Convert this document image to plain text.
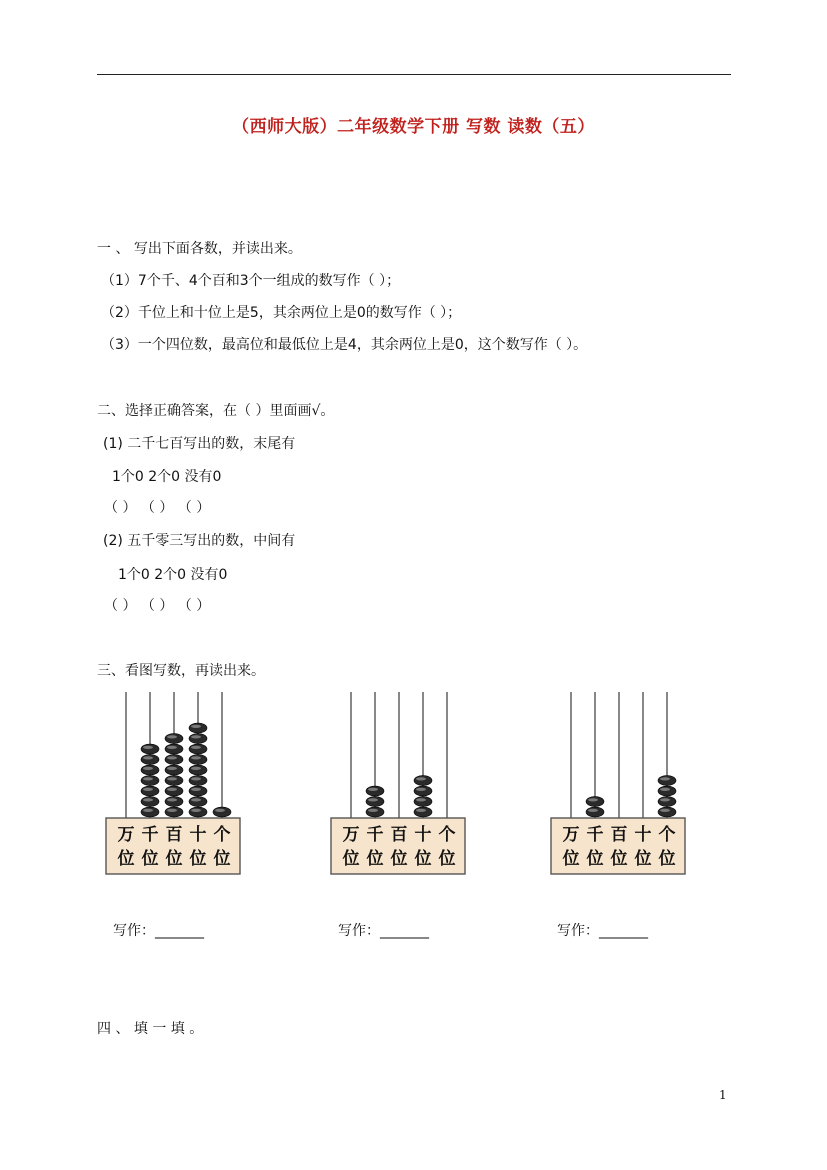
（西师大版）二年级数学下册 写数 读数（五）
一 、 写出下面各数，并读出来。
（1）7个千、4个百和3个一组成的数写作（ ）；
（2）千位上和十位上是5，其余两位上是0的数写作（ ）；
（3）一个四位数，最高位和最低位上是4，其余两位上是0，这个数写作（ ）。
二、选择正确答案，在（ ）里面画√。
(1) 二千七百写出的数，末尾有
1个0 2个0 没有0
（ ） （ ） （ ）
(2) 五千零三写出的数，中间有
1个0 2个0 没有0
（ ） （ ） （ ）
三、看图写数，再读出来。
万
位
千
位
百
位
十
位
个
位
万
位
千
位
百
位
十
位
个
位
万
位
千
位
百
位
十
位
个
位
写作：_______	写作：_______	写作：_______
四 、 填 一 填 。
1
